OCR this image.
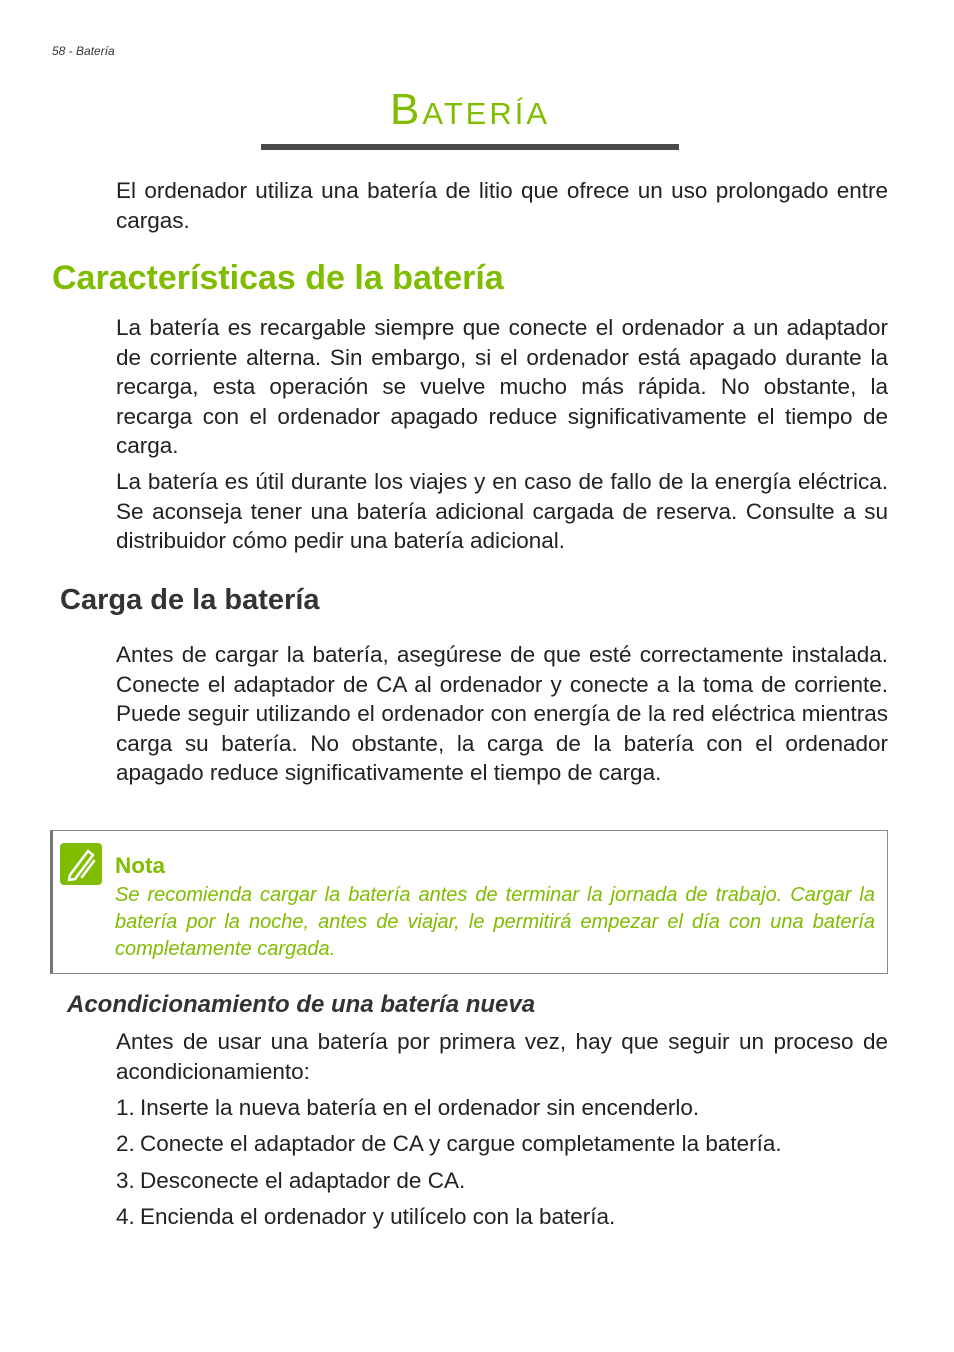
58 - Batería
Batería

El ordenador utiliza una batería de litio que ofrece un uso prolongado entre cargas.

Características de la batería

La batería es recargable siempre que conecte el ordenador a un adaptador de corriente alterna. Sin embargo, si el ordenador está apagado durante la recarga, esta operación se vuelve mucho más rápida. No obstante, la recarga con el ordenador apagado reduce significativamente el tiempo de carga.

La batería es útil durante los viajes y en caso de fallo de la energía eléctrica. Se aconseja tener una batería adicional cargada de reserva. Consulte a su distribuidor cómo pedir una batería adicional.

Carga de la batería

Antes de cargar la batería, asegúrese de que esté correctamente instalada. Conecte el adaptador de CA al ordenador y conecte a la toma de corriente. Puede seguir utilizando el ordenador con energía de la red eléctrica mientras carga su batería. No obstante, la carga de la batería con el ordenador apagado reduce significativamente el tiempo de carga.

Nota

Se recomienda cargar la batería antes de terminar la jornada de trabajo. Cargar la batería por la noche, antes de viajar, le permitirá empezar el día con una batería completamente cargada.

Acondicionamiento de una batería nueva

Antes de usar una batería por primera vez, hay que seguir un proceso de acondicionamiento:

1. Inserte la nueva batería en el ordenador sin encenderlo.
2. Conecte el adaptador de CA y cargue completamente la batería.
3. Desconecte el adaptador de CA.
4. Encienda el ordenador y utilícelo con la batería.
